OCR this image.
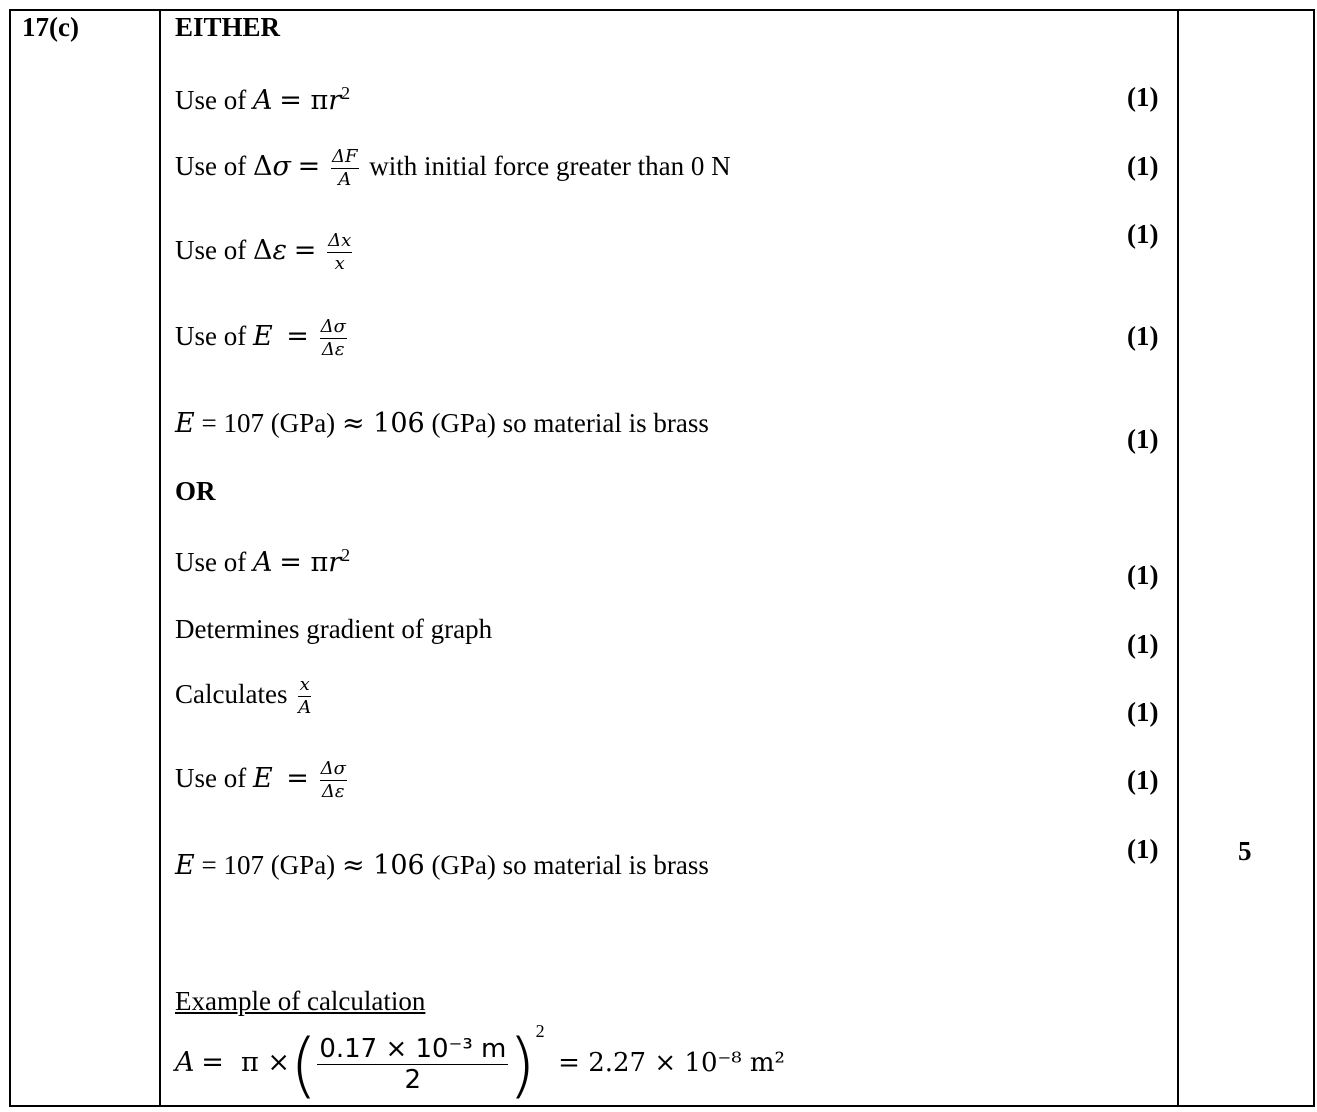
17(c)	EITHER
Use of $A = \pi r^2$
Use of $\Delta\sigma = \frac{\Delta F}{A}$ with initial force greater than 0 N
Use of $\Delta\varepsilon = \frac{\Delta x}{x}$
Use of $E = \frac{\Delta\sigma}{\Delta\varepsilon}$
E = 107 (GPa) ≈ 106 (GPa) so material is brass
OR
Use of $A = \pi r^2$
Determines gradient of graph
Calculates $\frac{x}{A}$
Use of $E = \frac{\Delta\sigma}{\Delta\varepsilon}$
E = 107 (GPa) ≈ 106 (GPa) so material is brass
(1)
(1)
(1)
(1)
(1)
(1)
(1)
(1)
(1)
(1)	5
Example of calculation
A =  π ×( $\frac{\text{0.17 × 10⁻³ m}}{2} )^2 = 2.27 \times 10^{-8}$ m²
